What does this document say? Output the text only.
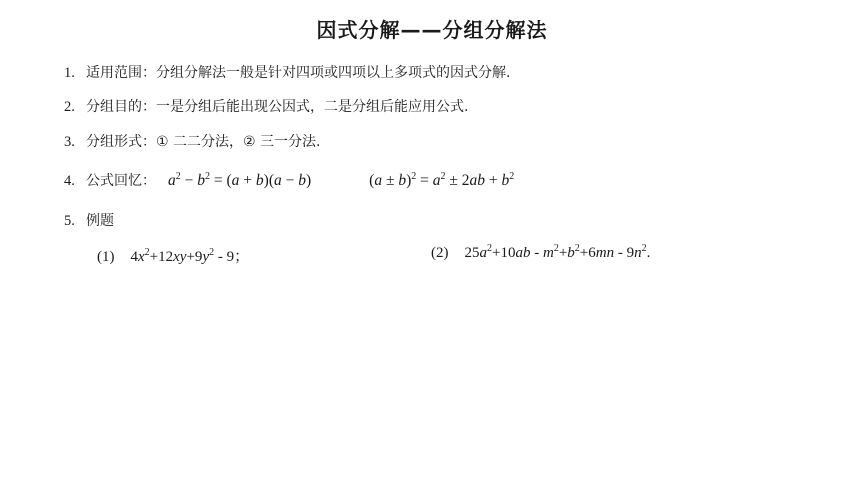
因式分解——分组分解法
1. 适用范围：分组分解法一般是针对四项或四项以上多项式的因式分解.
2. 分组目的：一是分组后能出现公因式，二是分组后能应用公式.
3. 分组形式：① 二二分法，② 三一分法.
4. 公式回忆： $a^2 - b^2 = (a + b)(a - b)$	$(a \pm b)^2 = a^2 \pm 2ab + b^2$
5. 例题
(1) $4x^2+12xy+9y^2 - 9$；	(2) $25a^2+10ab - m^2+b^2+6mn - 9n^2$.
